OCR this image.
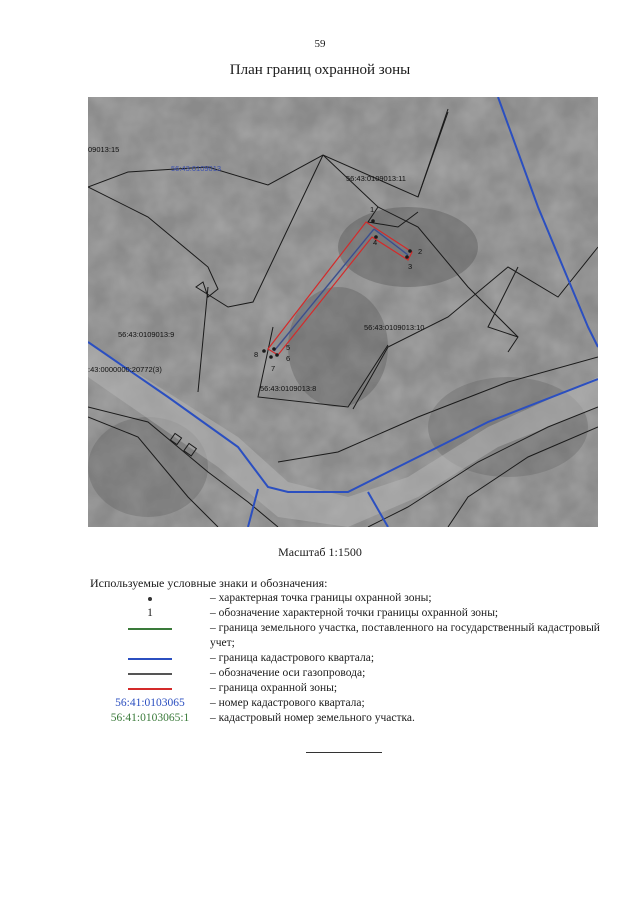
59
План границ охранной зоны
1
2
3
4
5
6
7
8
09013:15
56:43:0109013
56:43:0109013:11
56:43:0109013:9
56:43:0109013:10
56:43:0109013:8
:43:0000000:20772(3)
Масштаб 1:1500
Используемые условные знаки и обозначения:
– характерная точка границы охранной зоны;
1	– обозначение характерной точки границы охранной зоны;
– граница земельного участка, поставленного на государственный кадастровый учет;
– граница кадастрового квартала;
– обозначение оси газопровода;
– граница охранной зоны;
56:41:0103065 – номер кадастрового квартала;
56:41:0103065:1 – кадастровый номер земельного участка.
